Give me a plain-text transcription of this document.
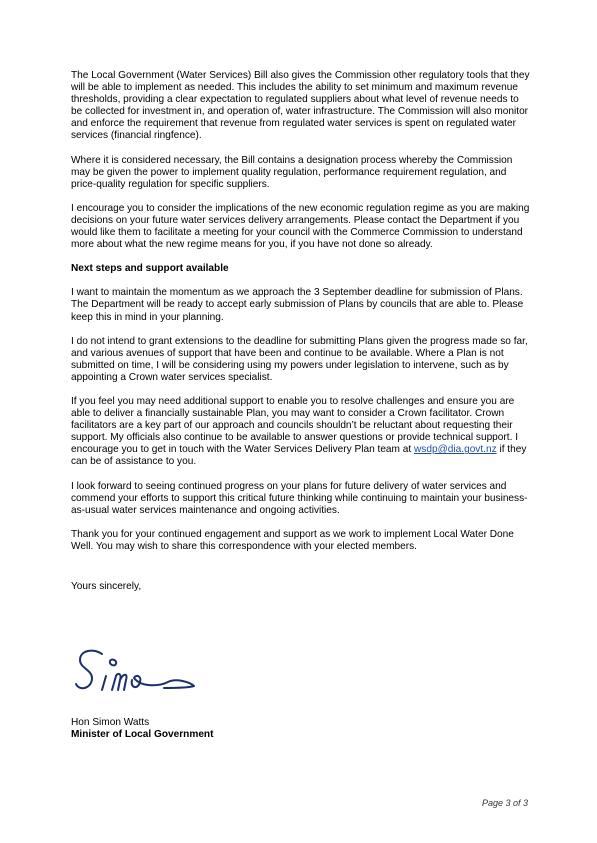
The Local Government (Water Services) Bill also gives the Commission other regulatory tools that they will be able to implement as needed. This includes the ability to set minimum and maximum revenue thresholds, providing a clear expectation to regulated suppliers about what level of revenue needs to be collected for investment in, and operation of, water infrastructure. The Commission will also monitor and enforce the requirement that revenue from regulated water services is spent on regulated water services (financial ringfence).

Where it is considered necessary, the Bill contains a designation process whereby the Commission may be given the power to implement quality regulation, performance requirement regulation, and price-quality regulation for specific suppliers.

I encourage you to consider the implications of the new economic regulation regime as you are making decisions on your future water services delivery arrangements. Please contact the Department if you would like them to facilitate a meeting for your council with the Commerce Commission to understand more about what the new regime means for you, if you have not done so already.

Next steps and support available

I want to maintain the momentum as we approach the 3 September deadline for submission of Plans. The Department will be ready to accept early submission of Plans by councils that are able to. Please keep this in mind in your planning.

I do not intend to grant extensions to the deadline for submitting Plans given the progress made so far, and various avenues of support that have been and continue to be available. Where a Plan is not submitted on time, I will be considering using my powers under legislation to intervene, such as by appointing a Crown water services specialist.

If you feel you may need additional support to enable you to resolve challenges and ensure you are able to deliver a financially sustainable Plan, you may want to consider a Crown facilitator. Crown facilitators are a key part of our approach and councils shouldn’t be reluctant about requesting their support. My officials also continue to be available to answer questions or provide technical support. I encourage you to get in touch with the Water Services Delivery Plan team at wsdp@dia.govt.nz if they can be of assistance to you.

I look forward to seeing continued progress on your plans for future delivery of water services and commend your efforts to support this critical future thinking while continuing to maintain your business-as-usual water services maintenance and ongoing activities.

Thank you for your continued engagement and support as we work to implement Local Water Done Well. You may wish to share this correspondence with your elected members.

Yours sincerely,

Hon Simon Watts
Minister of Local Government
Page 3 of 3
